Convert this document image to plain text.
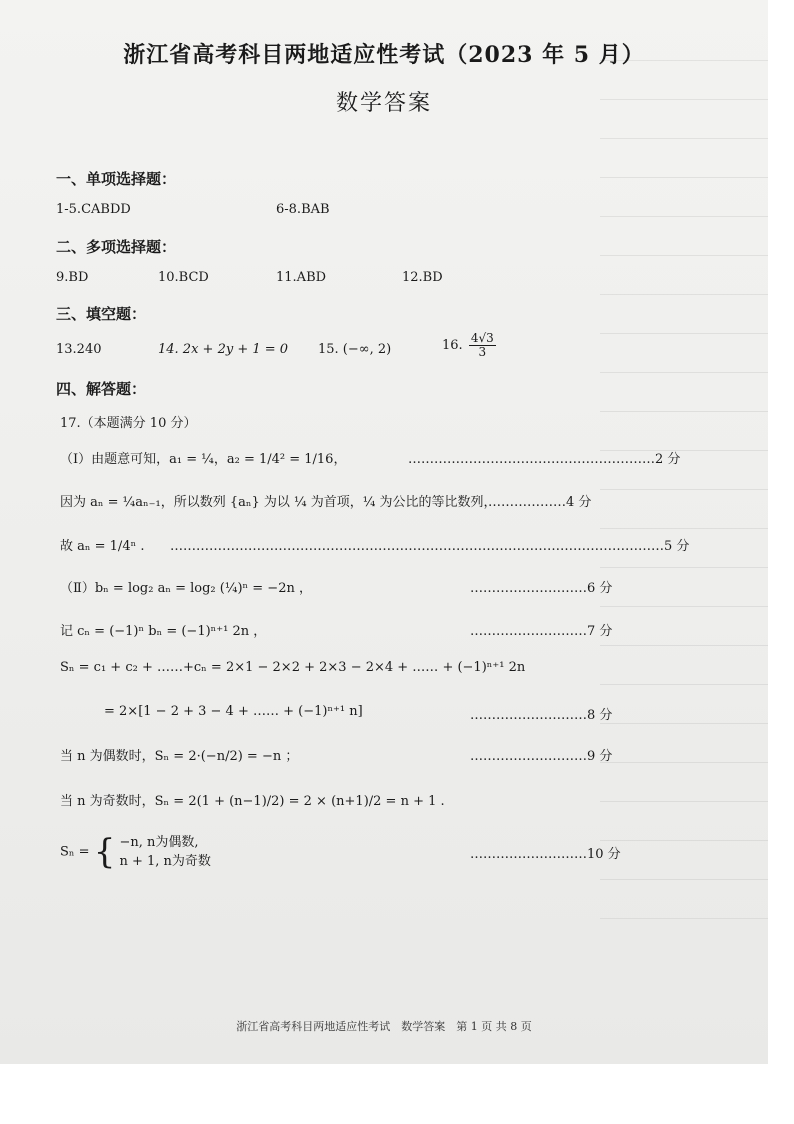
浙江省高考科目两地适应性考试（2023 年 5 月）
数学答案
一、单项选择题：
1-5.CABDD	6-8.BAB
二、多项选择题：
9.BD	10.BCD	11.ABD	12.BD
三、填空题：
13.240	14. 2x + 2y + 1 = 0 15. (−∞, 2)	16. $\frac{4√3}{3}$
四、解答题：
17.（本题满分 10 分）
（Ⅰ）由题意可知，a₁ = ¼，a₂ = 1/4² = 1/16，	…………………………………………………2 分
因为 aₙ = ¼aₙ₋₁，所以数列 {aₙ} 为以 ¼ 为首项，¼ 为公比的等比数列，
………………4 分
故 aₙ = 1/4ⁿ . ……………………………………………………………………………………………………5 分
（Ⅱ）bₙ = log₂ aₙ = log₂ (¼)ⁿ = −2n ，	………………………6 分
记 cₙ = (−1)ⁿ bₙ = (−1)ⁿ⁺¹ 2n ，	………………………7 分
Sₙ = c₁ + c₂ + ……+cₙ = 2×1 − 2×2 + 2×3 − 2×4 + …… + (−1)ⁿ⁺¹ 2n
= 2×[1 − 2 + 3 − 4 + …… + (−1)ⁿ⁺¹ n]	………………………8 分
当 n 为偶数时，Sₙ = 2·(−n/2) = −n ；	………………………9 分
当 n 为奇数时，Sₙ = 2(1 + (n−1)/2) = 2 × (n+1)/2 = n + 1 .
Sₙ = { −n, n为偶数,
n + 1, n为奇数	………………………10 分
浙江省高考科目两地适应性考试　数学答案　第 1 页 共 8 页
